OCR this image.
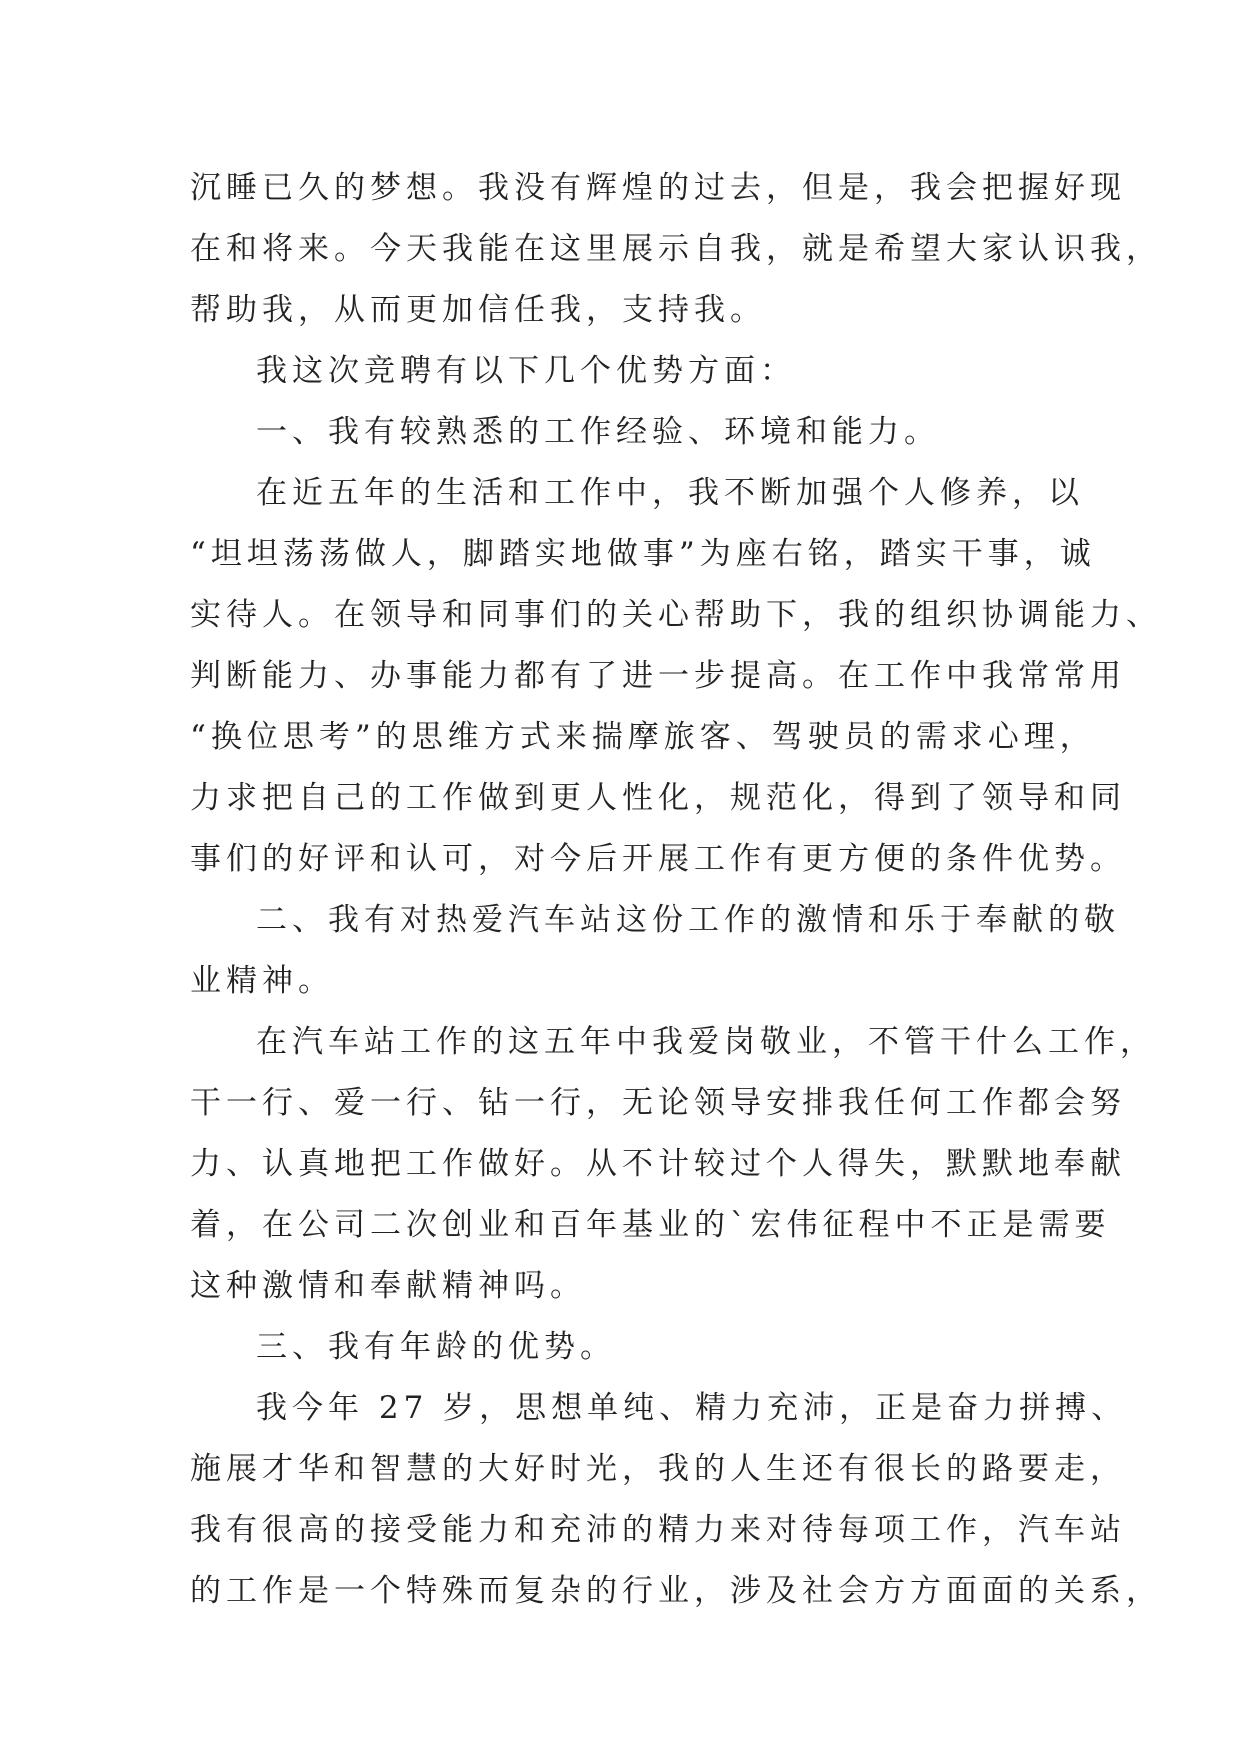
沉睡已久的梦想。我没有辉煌的过去，但是，我会把握好现
在和将来。今天我能在这里展示自我，就是希望大家认识我，
帮助我，从而更加信任我，支持我。
我这次竞聘有以下几个优势方面：
一、我有较熟悉的工作经验、环境和能力。
在近五年的生活和工作中，我不断加强个人修养，以
“坦坦荡荡做人，脚踏实地做事”为座右铭，踏实干事，诚
实待人。在领导和同事们的关心帮助下，我的组织协调能力、
判断能力、办事能力都有了进一步提高。在工作中我常常用
“换位思考”的思维方式来揣摩旅客、驾驶员的需求心理，
力求把自己的工作做到更人性化，规范化，得到了领导和同
事们的好评和认可，对今后开展工作有更方便的条件优势。
二、我有对热爱汽车站这份工作的激情和乐于奉献的敬
业精神。
在汽车站工作的这五年中我爱岗敬业，不管干什么工作，
干一行、爱一行、钻一行，无论领导安排我任何工作都会努
力、认真地把工作做好。从不计较过个人得失，默默地奉献
着，在公司二次创业和百年基业的`宏伟征程中不正是需要
这种激情和奉献精神吗。
三、我有年龄的优势。
我今年 27 岁，思想单纯、精力充沛，正是奋力拼搏、
施展才华和智慧的大好时光，我的人生还有很长的路要走，
我有很高的接受能力和充沛的精力来对待每项工作，汽车站
的工作是一个特殊而复杂的行业，涉及社会方方面面的关系，
